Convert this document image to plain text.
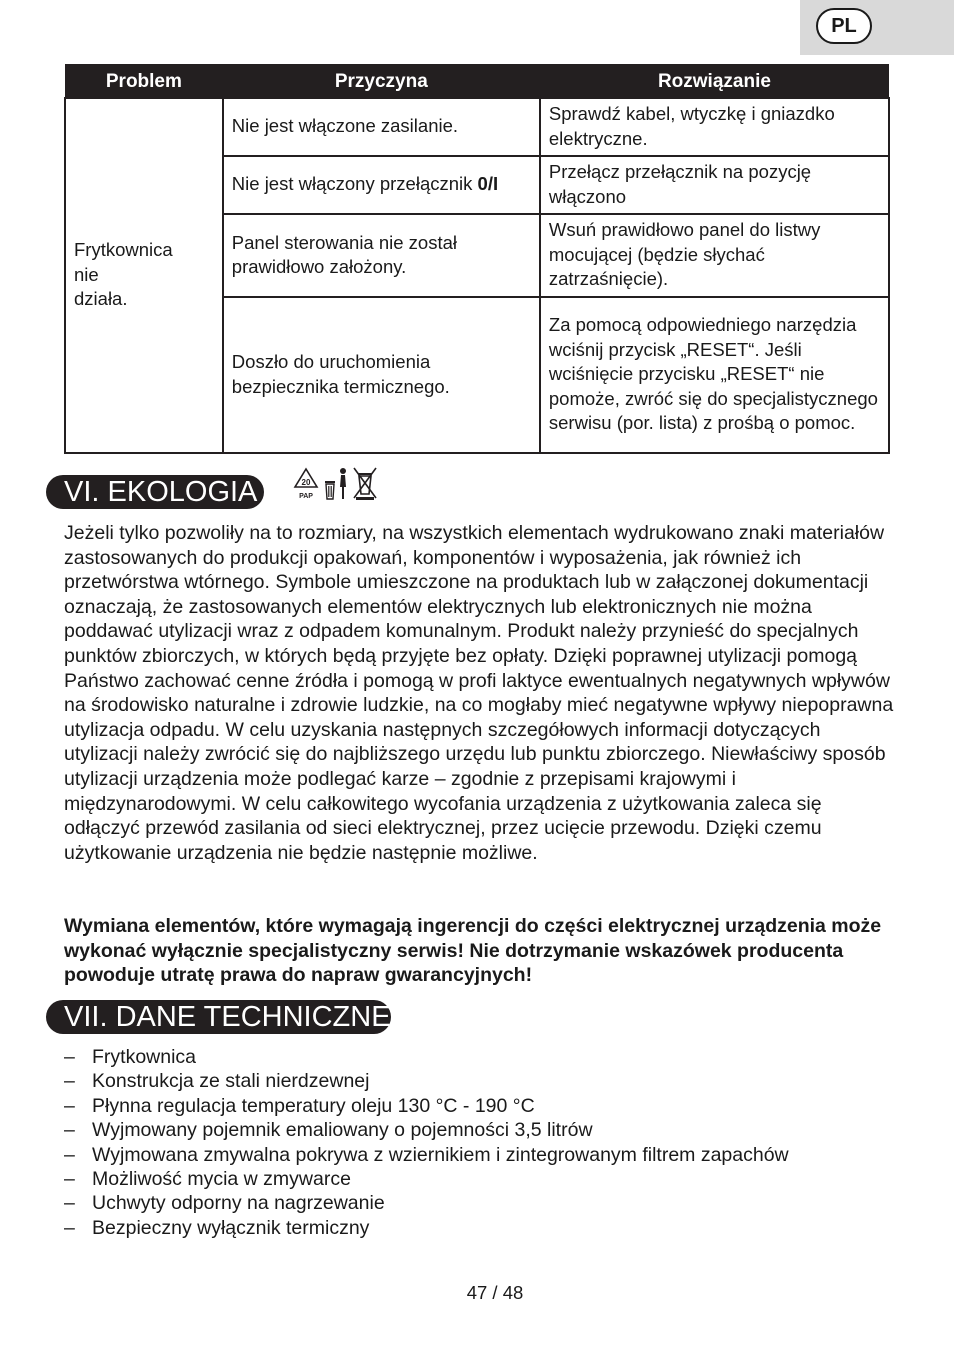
PL
Problem	Przyczyna	Rozwiązanie
Frytkownica
nie
działa.	Nie jest włączone zasilanie.	Sprawdź kabel, wtyczkę i gniazdko elektryczne.
	Nie jest włączony przełącznik 0/I	Przełącz przełącznik na pozycję włączono
	Panel sterowania nie został prawidłowo założony.	Wsuń prawidłowo panel do listwy mocującej (będzie słychać zatrzaśnięcie).
	Doszło do uruchomienia bezpiecznika termicznego.	Za pomocą odpowiedniego narzędzia wciśnij przycisk „RESET“. Jeśli wciśnięcie przycisku „RESET“ nie pomoże, zwróć się do specjalistycznego serwisu (por. lista) z prośbą o pomoc.
VI. EKOLOGIA	20
PAP

Jeżeli tylko pozwoliły na to rozmiary, na wszystkich elementach wydrukowano znaki materiałów zastosowanych do produkcji opakowań, komponentów i wyposażenia, jak również ich przetwórstwa wtórnego. Symbole umieszczone na produktach lub w załączonej dokumentacji oznaczają, że zastosowanych elementów elektrycznych lub elektronicznych nie można poddawać utylizacji wraz z odpadem komunalnym. Produkt należy przynieść do specjalnych punktów zbiorczych, w których będą przyjęte bez opłaty. Dzięki poprawnej utylizacji pomogą Państwo zachować cenne źródła i pomogą w profi laktyce ewentualnych negatywnych wpływów na środowisko naturalne i zdrowie ludzkie, na co mogłaby mieć negatywne wpływy niepoprawna utylizacja odpadu. W celu uzyskania następnych szczegółowych informacji dotyczących utylizacji należy zwrócić się do najbliższego urzędu lub punktu zbiorczego. Niewłaściwy sposób utylizacji urządzenia może podlegać karze – zgodnie z przepisami krajowymi i międzynarodowymi. W celu całkowitego wycofania urządzenia z użytkowania zaleca się odłączyć przewód zasilania od sieci elektrycznej, przez ucięcie przewodu. Dzięki czemu użytkowanie urządzenia nie będzie następnie możliwe.

Wymiana elementów, które wymagają ingerencji do części elektrycznej urządzenia może wykonać wyłącznie specjalistyczny serwis! Nie dotrzymanie wskazówek producenta powoduje utratę prawa do napraw gwarancyjnych!

VII. DANE TECHNICZNE
– Frytkownica
– Konstrukcja ze stali nierdzewnej
– Płynna regulacja temperatury oleju 130 °C - 190 °C
– Wyjmowany pojemnik emaliowany o pojemności 3,5 litrów
– Wyjmowana zmywalna pokrywa z wziernikiem i zintegrowanym filtrem zapachów
– Możliwość mycia w zmywarce
– Uchwyty odporny na nagrzewanie
– Bezpieczny wyłącznik termiczny
47 / 48
